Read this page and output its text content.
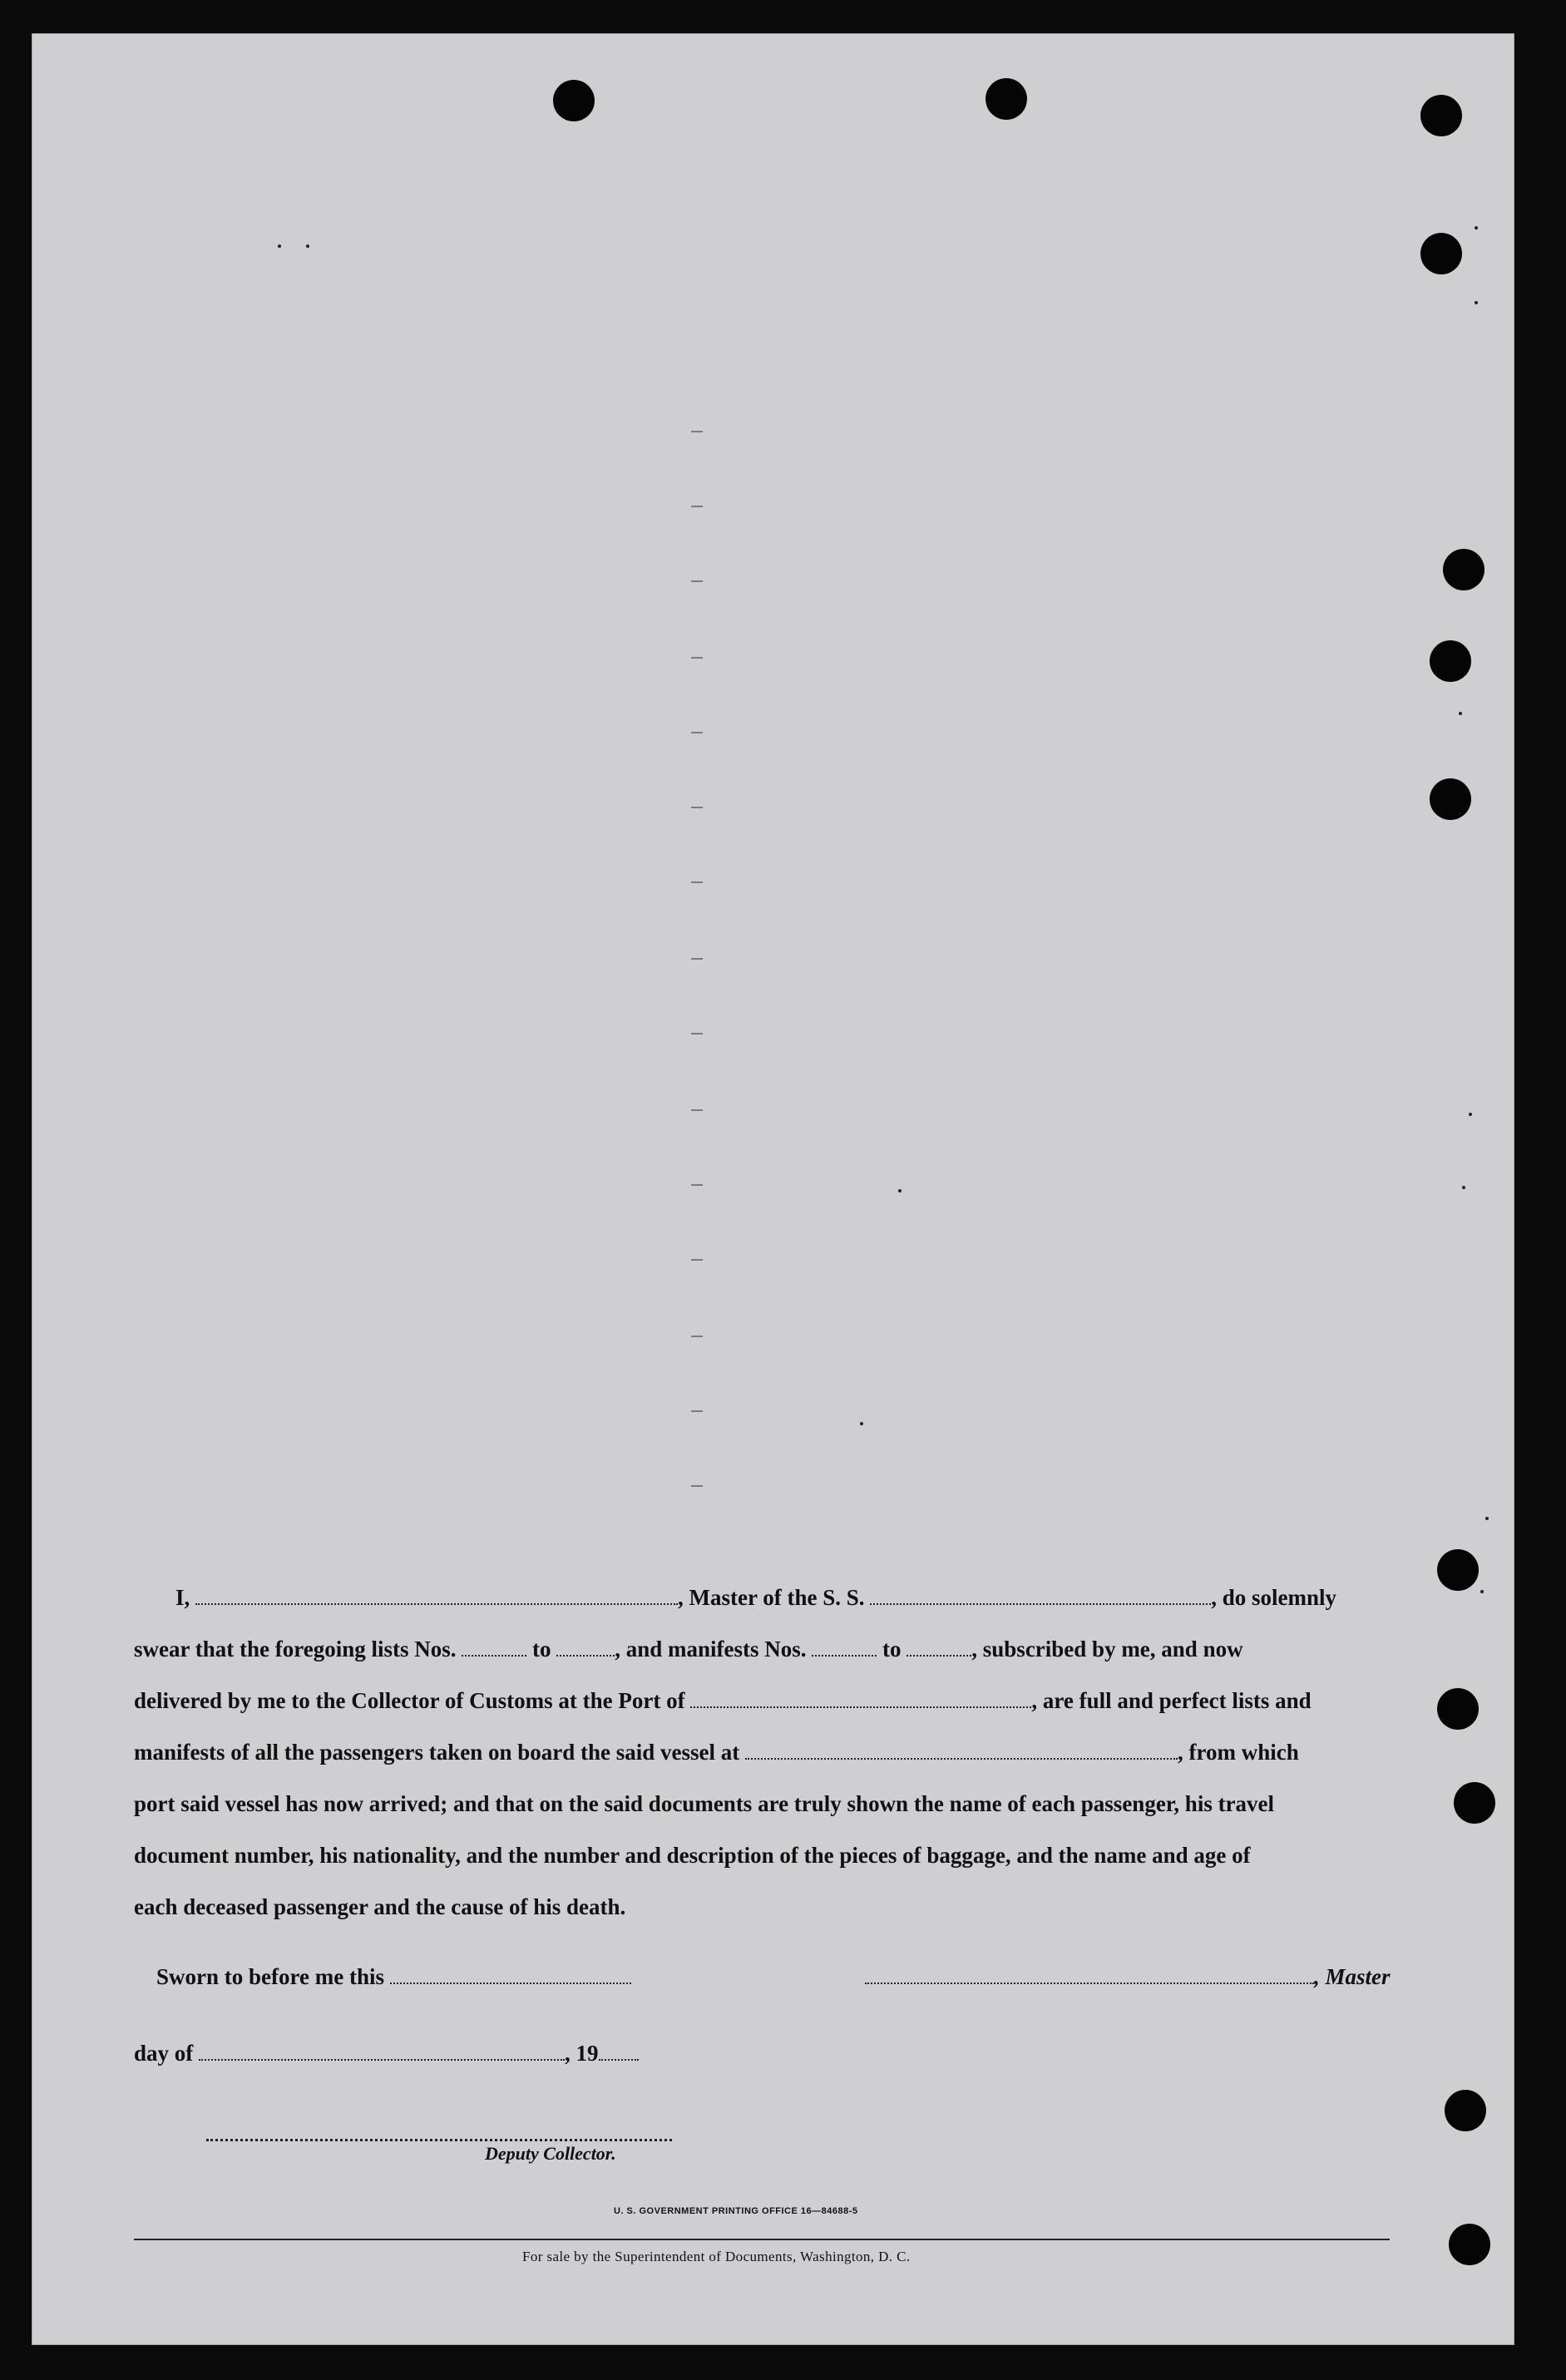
I,	, Master of the S. S.	, do solemnly

swear that the foregoing lists Nos.	to	, and manifests Nos.	to	, subscribed by me, and now

delivered by me to the Collector of Customs at the Port of	, are full and perfect lists and

manifests of all the passengers taken on board the said vessel at	, from which

port said vessel has now arrived; and that on the said documents are truly shown the name of each passenger, his travel

document number, his nationality, and the number and description of the pieces of baggage, and the name and age of

each deceased passenger and the cause of his death.

Sworn to before me this	, Master
day of	, 19
Deputy Collector.
U. S. GOVERNMENT PRINTING OFFICE 16—84688-5
For sale by the Superintendent of Documents, Washington, D. C.
